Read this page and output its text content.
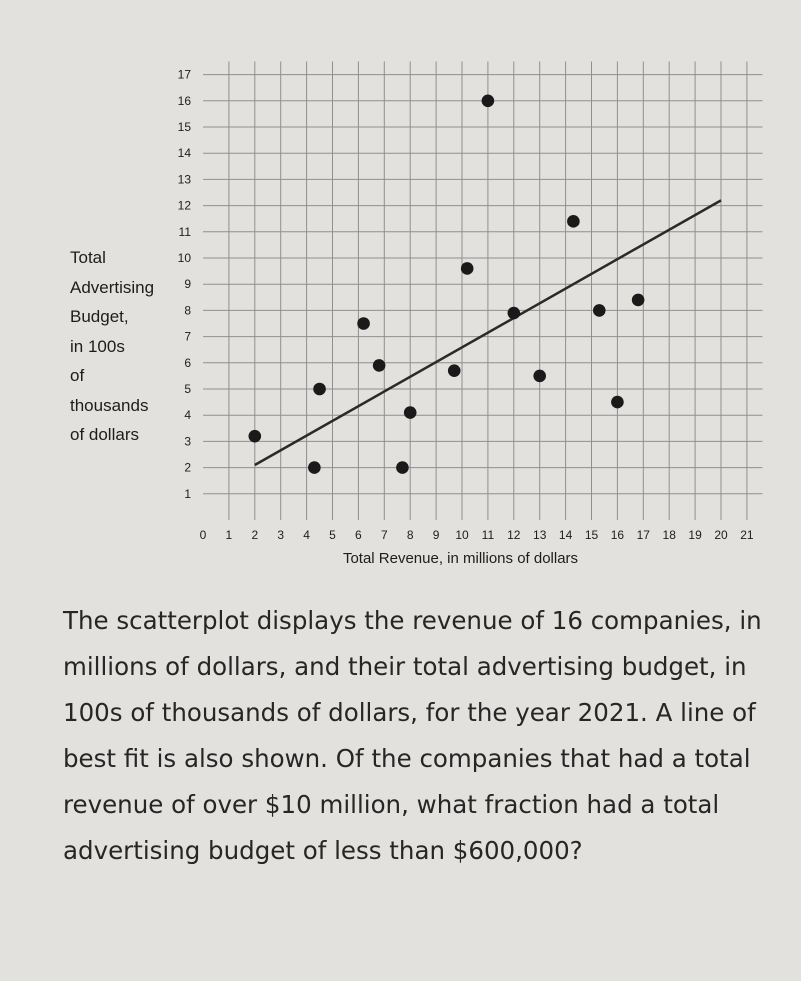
0 1 2 3 4 5 6 7 8 9 10 11 12 13 14 15 16 17 18 19 20 21
1
2
3
4
5
6
7
8
9
10
11
12
13
14
15
16
17
Total
Advertising
Budget,
in 100s
of
thousands
of dollars
Total Revenue, in millions of dollars
The scatterplot displays the revenue of 16 companies, in millions of dollars, and their total advertising budget, in 100s of thousands of dollars, for the year 2021. A line of best fit is also shown. Of the companies that had a total revenue of over $10 million, what fraction had a total advertising budget of less than $600,000?
